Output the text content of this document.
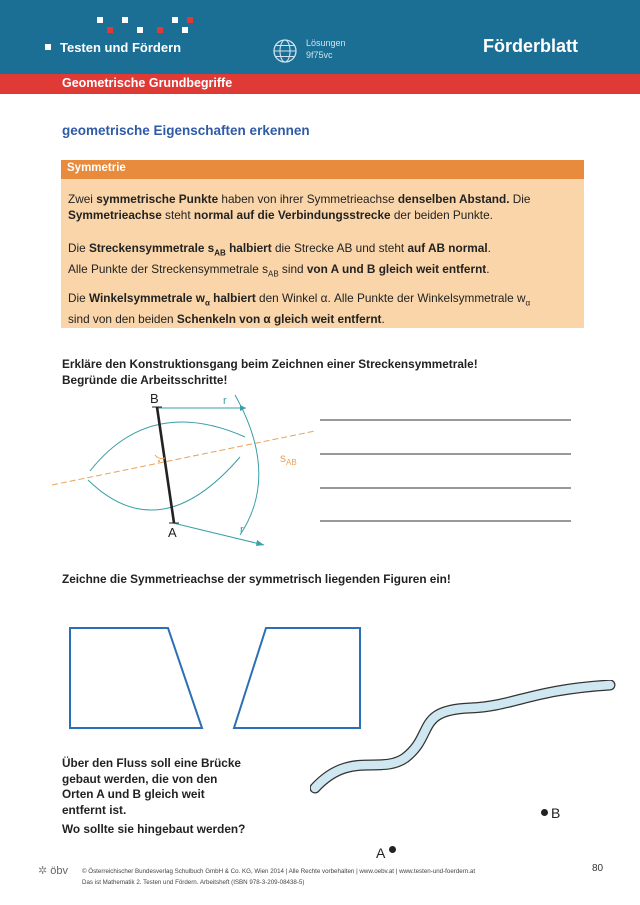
Testen und Fördern	Lösungen
9f75vc	Förderblatt
Geometrische Grundbegriffe
geometrische Eigenschaften erkennen
Symmetrie
Zwei symmetrische Punkte haben von ihrer Symmetrieachse denselben Abstand. Die Symmetrieachse steht normal auf die Verbindungsstrecke der beiden Punkte.
Die Streckensymmetrale $s_{AB}$ halbiert die Strecke AB und steht auf AB normal.
Alle Punkte der Streckensymmetrale $s_{AB}$ sind von A und B gleich weit entfernt.
Die Winkelsymmetrale $w_\alpha$ halbiert den Winkel α. Alle Punkte der Winkelsymmetrale $w_\alpha$
sind von den beiden Schenkeln von α gleich weit entfernt.
Erkläre den Konstruktionsgang beim Zeichnen einer Streckensymmetrale!
Begründe die Arbeitsschritte!
B
A
r
r
$s_{AB}$
Zeichne die Symmetrieachse der symmetrisch liegenden Figuren ein!
Über den Fluss soll eine Brücke
gebaut werden, die von den
Orten A und B gleich weit
entfernt ist.
Wo sollte sie hingebaut werden?
B
A
✲ öbv © Österreichischer Bundesverlag Schulbuch GmbH & Co. KG, Wien 2014 | Alle Rechte vorbehalten | www.oebv.at | www.testen-und-foerdern.at
Das ist Mathematik 2. Testen und Fördern. Arbeitsheft (ISBN 978-3-209-08438-5)
80
